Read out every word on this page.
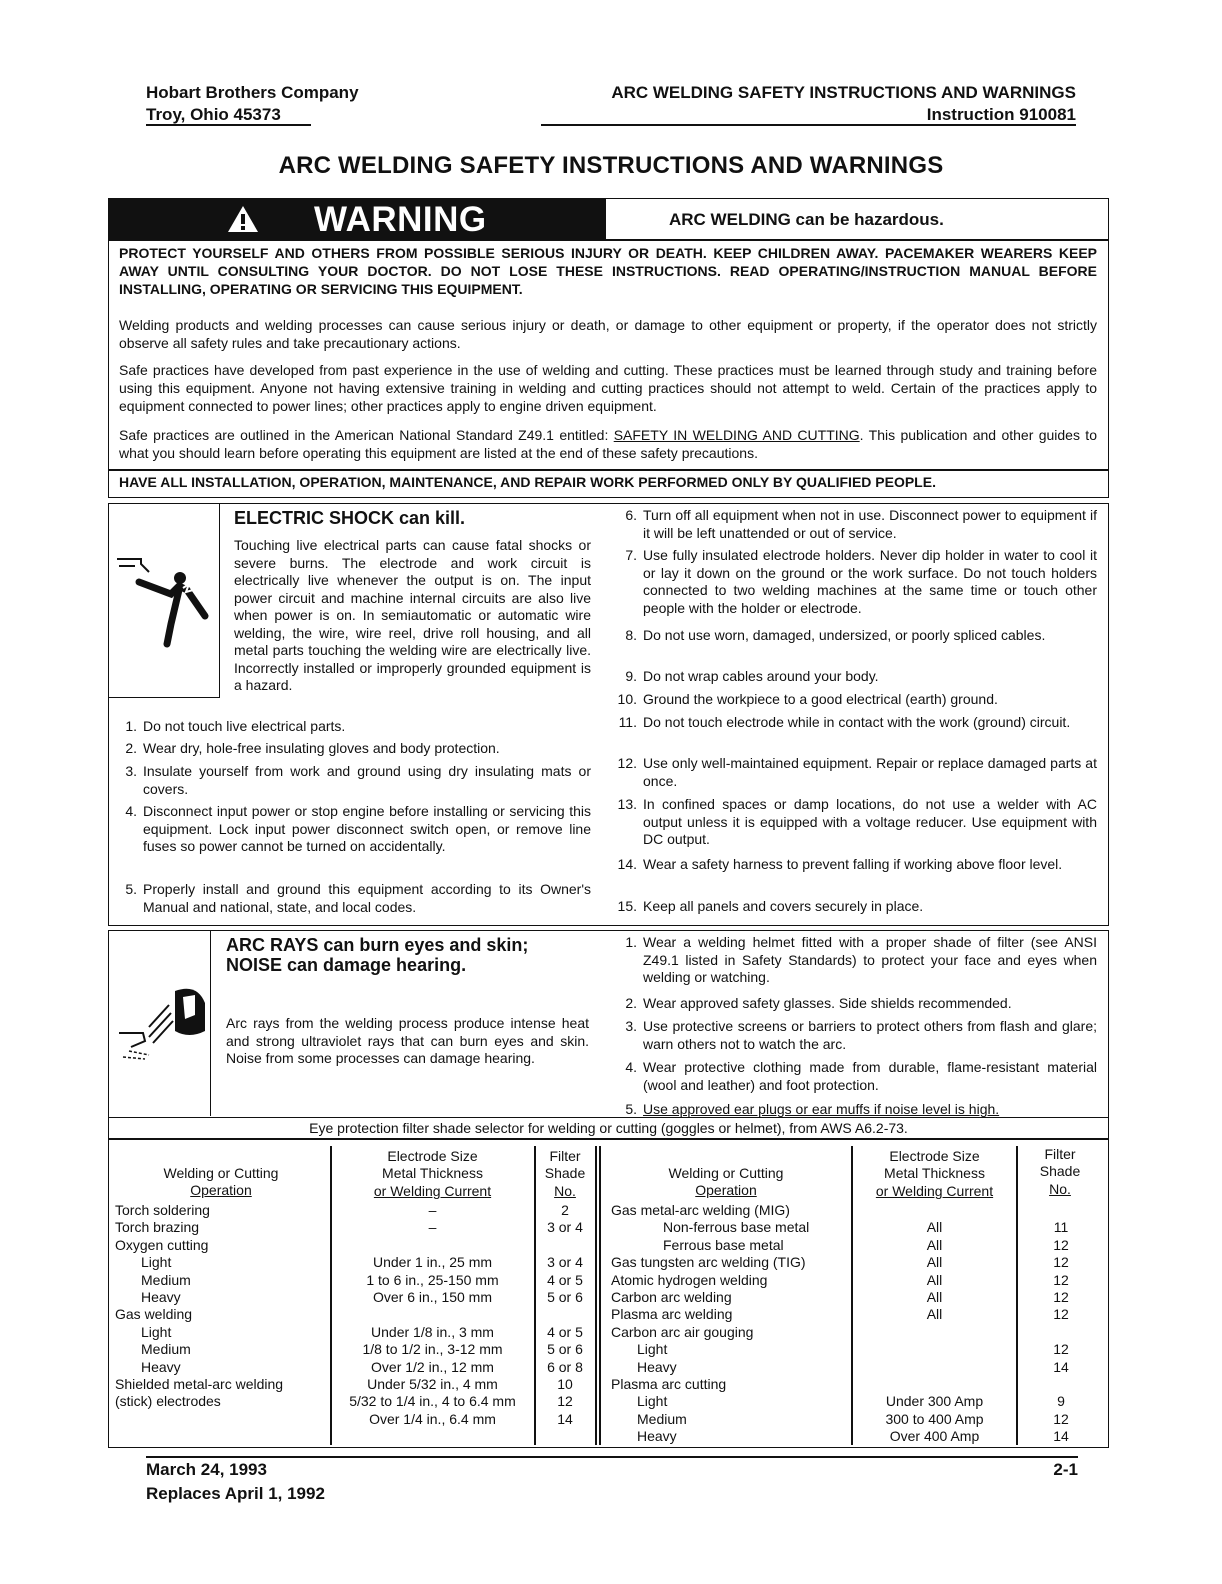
Hobart Brothers Company
Troy, Ohio 45373
ARC WELDING SAFETY INSTRUCTIONS AND WARNINGS
Instruction 910081
ARC WELDING SAFETY INSTRUCTIONS AND WARNINGS
WARNING	ARC WELDING can be hazardous.
PROTECT YOURSELF AND OTHERS FROM POSSIBLE SERIOUS INJURY OR DEATH. KEEP CHILDREN AWAY. PACEMAKER WEARERS KEEP AWAY UNTIL CONSULTING YOUR DOCTOR. DO NOT LOSE THESE INSTRUCTIONS. READ OPERATING/INSTRUCTION MANUAL BEFORE INSTALLING, OPERATING OR SERVICING THIS EQUIPMENT.
Welding products and welding processes can cause serious injury or death, or damage to other equipment or property, if the operator does not strictly observe all safety rules and take precautionary actions.
Safe practices have developed from past experience in the use of welding and cutting. These practices must be learned through study and training before using this equipment. Anyone not having extensive training in welding and cutting practices should not attempt to weld. Certain of the practices apply to equipment connected to power lines; other practices apply to engine driven equipment.
Safe practices are outlined in the American National Standard Z49.1 entitled: SAFETY IN WELDING AND CUTTING. This publication and other guides to what you should learn before operating this equipment are listed at the end of these safety precautions.
HAVE ALL INSTALLATION, OPERATION, MAINTENANCE, AND REPAIR WORK PERFORMED ONLY BY QUALIFIED PEOPLE.
ELECTRIC SHOCK can kill.
Touching live electrical parts can cause fatal shocks or severe burns. The electrode and work circuit is electrically live whenever the output is on. The input power circuit and machine internal circuits are also live when power is on. In semiautomatic or automatic wire welding, the wire, wire reel, drive roll housing, and all metal parts touching the welding wire are electrically live. Incorrectly installed or improperly grounded equipment is a hazard.
1. Do not touch live electrical parts.
2. Wear dry, hole-free insulating gloves and body protection.
3. Insulate yourself from work and ground using dry insulating mats or covers.
4. Disconnect input power or stop engine before installing or servicing this equipment. Lock input power disconnect switch open, or remove line fuses so power cannot be turned on accidentally.
5. Properly install and ground this equipment according to its Owner's Manual and national, state, and local codes.
6. Turn off all equipment when not in use. Disconnect power to equipment if it will be left unattended or out of service.
7. Use fully insulated electrode holders. Never dip holder in water to cool it or lay it down on the ground or the work surface. Do not touch holders connected to two welding machines at the same time or touch other people with the holder or electrode.
8. Do not use worn, damaged, undersized, or poorly spliced cables.
9. Do not wrap cables around your body.
10. Ground the workpiece to a good electrical (earth) ground.
11. Do not touch electrode while in contact with the work (ground) circuit.
12. Use only well-maintained equipment. Repair or replace damaged parts at once.
13. In confined spaces or damp locations, do not use a welder with AC output unless it is equipped with a voltage reducer. Use equipment with DC output.
14. Wear a safety harness to prevent falling if working above floor level.
15. Keep all panels and covers securely in place.
ARC RAYS can burn eyes and skin;
NOISE can damage hearing.
Arc rays from the welding process produce intense heat and strong ultraviolet rays that can burn eyes and skin. Noise from some processes can damage hearing.
1. Wear a welding helmet fitted with a proper shade of filter (see ANSI Z49.1 listed in Safety Standards) to protect your face and eyes when welding or watching.
2. Wear approved safety glasses. Side shields recommended.
3. Use protective screens or barriers to protect others from flash and glare; warn others not to watch the arc.
4. Wear protective clothing made from durable, flame-resistant material (wool and leather) and foot protection.
5. Use approved ear plugs or ear muffs if noise level is high.
Eye protection filter shade selector for welding or cutting (goggles or helmet), from AWS A6.2-73.
Welding or Cutting
Operation
Electrode Size
Metal Thickness
or Welding Current
Filter
Shade
No.
Welding or Cutting
Operation
Electrode Size
Metal Thickness
or Welding Current
Filter
Shade
No.
Torch soldering
Torch brazing
Oxygen cutting
Light
Medium
Heavy
Gas welding
Light
Medium
Heavy
Shielded metal-arc welding
(stick) electrodes
–
–
Under 1 in., 25 mm
1 to 6 in., 25-150 mm
Over 6 in., 150 mm
Under 1/8 in., 3 mm
1/8 to 1/2 in., 3-12 mm
Over 1/2 in., 12 mm
Under 5/32 in., 4 mm
5/32 to 1/4 in., 4 to 6.4 mm
Over 1/4 in., 6.4 mm
2
3 or 4
3 or 4
4 or 5
5 or 6
4 or 5
5 or 6
6 or 8
10
12
14
Gas metal-arc welding (MIG)
Non-ferrous base metal
Ferrous base metal
Gas tungsten arc welding (TIG)
Atomic hydrogen welding
Carbon arc welding
Plasma arc welding
Carbon arc air gouging
Light
Heavy
Plasma arc cutting
Light
Medium
Heavy
All
All
All
All
All
All
Under 300 Amp
300 to 400 Amp
Over 400 Amp
11
12
12
12
12
12
12
14
9
12
14
March 24, 1993
Replaces April 1, 1992
2-1
